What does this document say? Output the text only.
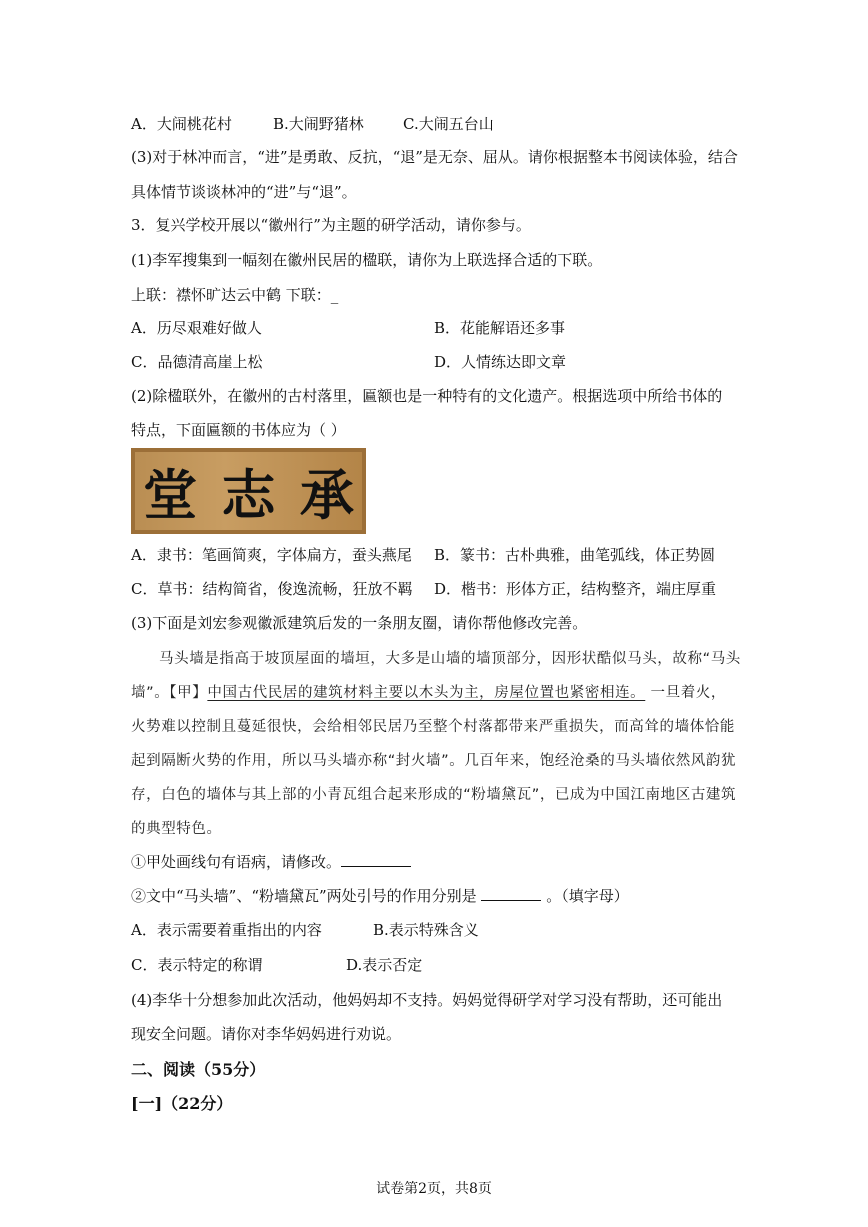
A．大闹桃花村	B.大闹野猪林	C.大闹五台山
(3)对于林冲而言，“进”是勇敢、反抗，“退”是无奈、屈从。请你根据整本书阅读体验，结合
具体情节谈谈林冲的“进”与“退”。
3．复兴学校开展以“徽州行”为主题的研学活动，请你参与。
(1)李军搜集到一幅刻在徽州民居的楹联，请你为上联选择合适的下联。
上联：襟怀旷达云中鹤 下联：_
A．历尽艰难好做人	B．花能解语还多事
C．品德清高崖上松	D．人情练达即文章
(2)除楹联外，在徽州的古村落里，匾额也是一种特有的文化遗产。根据选项中所给书体的
特点，下面匾额的书体应为（ ）
堂 志 承
A．隶书：笔画简爽，字体扁方，蚕头燕尾 B．篆书：古朴典雅，曲笔弧线，体正势圆
C．草书：结构简省，俊逸流畅，狂放不羁 D．楷书：形体方正，结构整齐，端庄厚重
(3)下面是刘宏参观徽派建筑后发的一条朋友圈，请你帮他修改完善。
马头墙是指高于坡顶屋面的墙垣，大多是山墙的墙顶部分，因形状酷似马头，故称“马头墙”。【甲】中国古代民居的建筑材料主要以木头为主，房屋位置也紧密相连。 一旦着火，火势难以控制且蔓延很快，会给相邻民居乃至整个村落都带来严重损失，而高耸的墙体恰能起到隔断火势的作用，所以马头墙亦称“封火墙”。几百年来，饱经沧桑的马头墙依然风韵犹存，白色的墙体与其上部的小青瓦组合起来形成的“粉墙黛瓦”，已成为中国江南地区古建筑的典型特色。
①甲处画线句有语病，请修改。
②文中“马头墙”、“粉墙黛瓦”两处引号的作用分别是	。（填字母）
A．表示需要着重指出的内容	B.表示特殊含义
C．表示特定的称谓	D.表示否定
(4)李华十分想参加此次活动，他妈妈却不支持。妈妈觉得研学对学习没有帮助，还可能出
现安全问题。请你对李华妈妈进行劝说。
二、阅读（55分）
[一]（22分）
试卷第2页，共8页
